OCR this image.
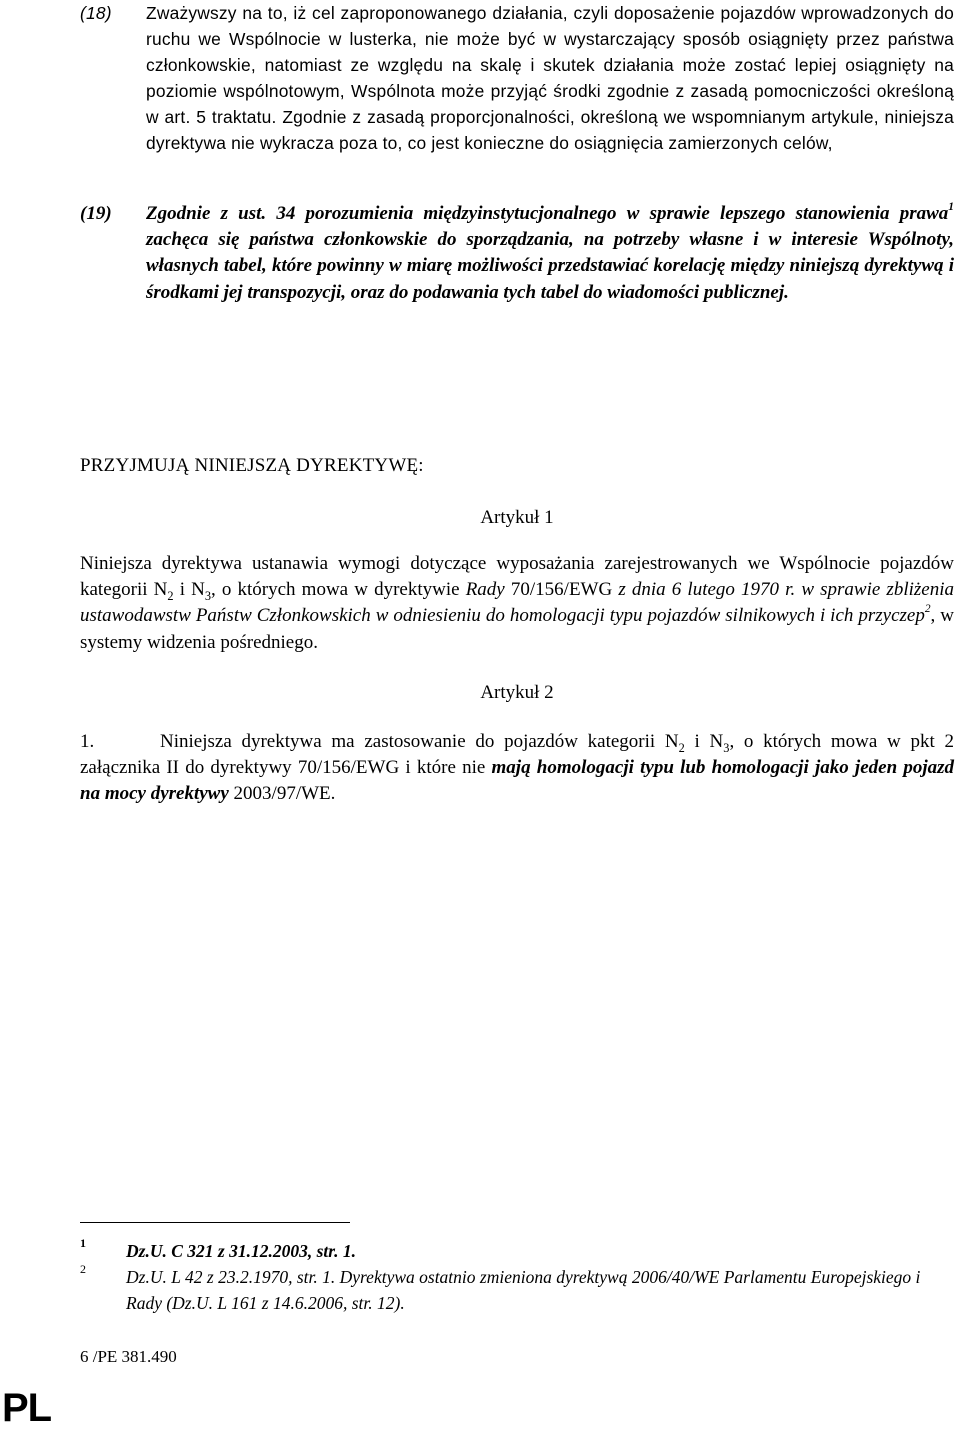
(18) Zważywszy na to, iż cel zaproponowanego działania, czyli doposażenie pojazdów wprowadzonych do ruchu we Wspólnocie w lusterka, nie może być w wystarczający sposób osiągnięty przez państwa członkowskie, natomiast ze względu na skalę i skutek działania może zostać lepiej osiągnięty na poziomie wspólnotowym, Wspólnota może przyjąć środki zgodnie z zasadą pomocniczości określoną w art. 5 traktatu. Zgodnie z zasadą proporcjonalności, określoną we wspomnianym artykule, niniejsza dyrektywa nie wykracza poza to, co jest konieczne do osiągnięcia zamierzonych celów,
(19) Zgodnie z ust. 34 porozumienia międzyinstytucjonalnego w sprawie lepszego stanowienia prawa$^1$ zachęca się państwa członkowskie do sporządzania, na potrzeby własne i w interesie Wspólnoty, własnych tabel, które powinny w miarę możliwości przedstawiać korelację między niniejszą dyrektywą i środkami jej transpozycji, oraz do podawania tych tabel do wiadomości publicznej.
PRZYJMUJĄ NINIEJSZĄ DYREKTYWĘ:
Artykuł 1
Niniejsza dyrektywa ustanawia wymogi dotyczące wyposażania zarejestrowanych we Wspólnocie pojazdów kategorii $N_2$ i $N_3$, o których mowa w dyrektywie Rady 70/156/EWG z dnia 6 lutego 1970 r. w sprawie zbliżenia ustawodawstw Państw Członkowskich w odniesieniu do homologacji typu pojazdów silnikowych i ich przyczep$^2$, w systemy widzenia pośredniego.
Artykuł 2
1.	Niniejsza dyrektywa ma zastosowanie do pojazdów kategorii $N_2$ i $N_3$, o których mowa w pkt 2 załącznika II do dyrektywy 70/156/EWG i które nie mają homologacji typu lub homologacji jako jeden pojazd na mocy dyrektywy 2003/97/WE.
1 Dz.U. C 321 z 31.12.2003, str. 1.
2 Dz.U. L 42 z 23.2.1970, str. 1. Dyrektywa ostatnio zmieniona dyrektywą 2006/40/WE Parlamentu Europejskiego i Rady (Dz.U. L 161 z 14.6.2006, str. 12).
6 /PE 381.490
PL
